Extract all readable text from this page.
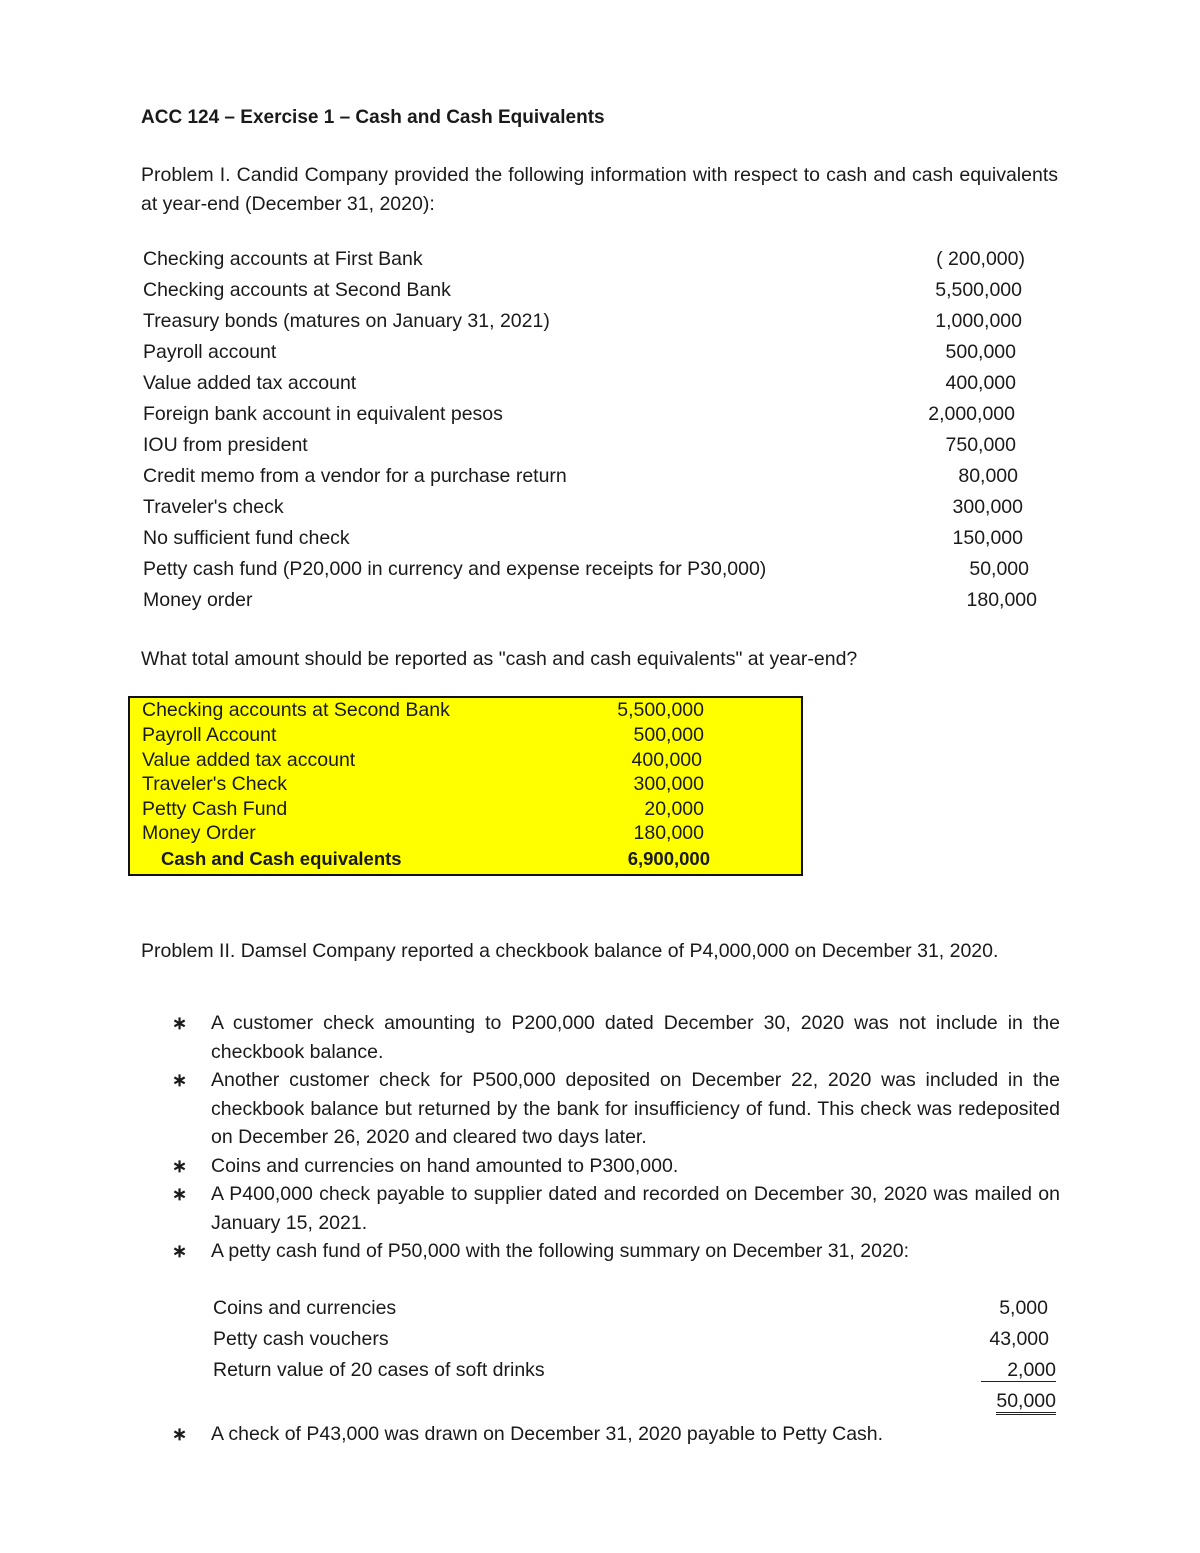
ACC 124 – Exercise 1 – Cash and Cash Equivalents
Problem I. Candid Company provided the following information with respect to cash and cash equivalents at year-end (December 31, 2020):
Checking accounts at First Bank	( 200,000)
Checking accounts at Second Bank	5,500,000
Treasury bonds (matures on January 31, 2021)	1,000,000
Payroll account	500,000
Value added tax account	400,000
Foreign bank account in equivalent pesos	2,000,000
IOU from president	750,000
Credit memo from a vendor for a purchase return	80,000
Traveler's check	300,000
No sufficient fund check	150,000
Petty cash fund (P20,000 in currency and expense receipts for P30,000)	50,000
Money order	180,000
What total amount should be reported as "cash and cash equivalents" at year-end?
Checking accounts at Second Bank	5,500,000
Payroll Account	500,000
Value added tax account	400,000
Traveler's Check	300,000
Petty Cash Fund	20,000
Money Order	180,000
Cash and Cash equivalents	6,900,000
Problem II. Damsel Company reported a checkbook balance of P4,000,000 on December 31, 2020.
∗ A customer check amounting to P200,000 dated December 30, 2020 was not include in the checkbook balance.
∗ Another customer check for P500,000 deposited on December 22, 2020 was included in the checkbook balance but returned by the bank for insufficiency of fund. This check was redeposited on December 26, 2020 and cleared two days later.
∗ Coins and currencies on hand amounted to P300,000.
∗ A P400,000 check payable to supplier dated and recorded on December 30, 2020 was mailed on January 15, 2021.
∗ A petty cash fund of P50,000 with the following summary on December 31, 2020:
Coins and currencies	5,000
Petty cash vouchers	43,000
Return value of 20 cases of soft drinks	2,000
50,000
∗ A check of P43,000 was drawn on December 31, 2020 payable to Petty Cash.
